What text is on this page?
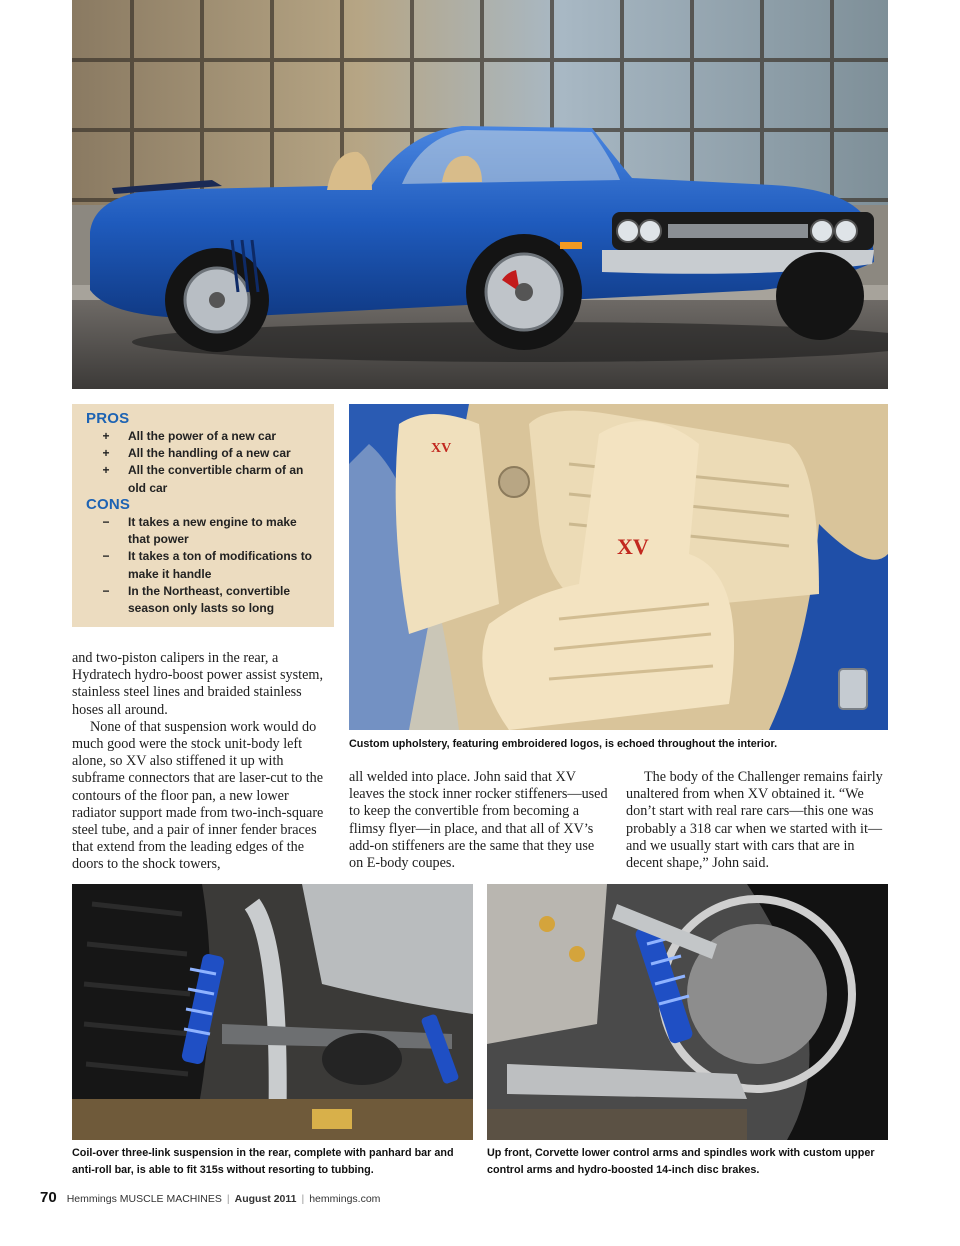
PROS
+ All the power of a new car
+ All the handling of a new car
+ All the convertible charm of an old car
CONS
− It takes a new engine to make that power
− It takes a ton of modifications to make it handle
− In the Northeast, convertible season only lasts so long
XV
XV
Custom upholstery, featuring embroidered logos, is echoed throughout the interior.

and two-piston calipers in the rear, a Hydratech hydro-boost power assist system, stainless steel lines and braided stainless hoses all around.

None of that suspension work would do much good were the stock unit-body left alone, so XV also stiffened it up with subframe connectors that are laser-cut to the contours of the floor pan, a new lower radiator support made from two-inch-square steel tube, and a pair of inner fender braces that extend from the leading edges of the doors to the shock towers,

all welded into place. John said that XV leaves the stock inner rocker stiffeners—used to keep the convertible from becoming a flimsy flyer—in place, and that all of XV’s add-on stiffeners are the same that they use on E-body coupes.

The body of the Challenger remains fairly unaltered from when XV obtained it. “We don’t start with real rare cars—this one was probably a 318 car when we started with it—and we usually start with cars that are in decent shape,” John said.

Coil-over three-link suspension in the rear, complete with panhard bar and anti-roll bar, is able to fit 315s without resorting to tubbing.
Up front, Corvette lower control arms and spindles work with custom upper control arms and hydro-boosted 14-inch disc brakes.
70 Hemmings MUSCLE MACHINES | August 2011 | hemmings.com
